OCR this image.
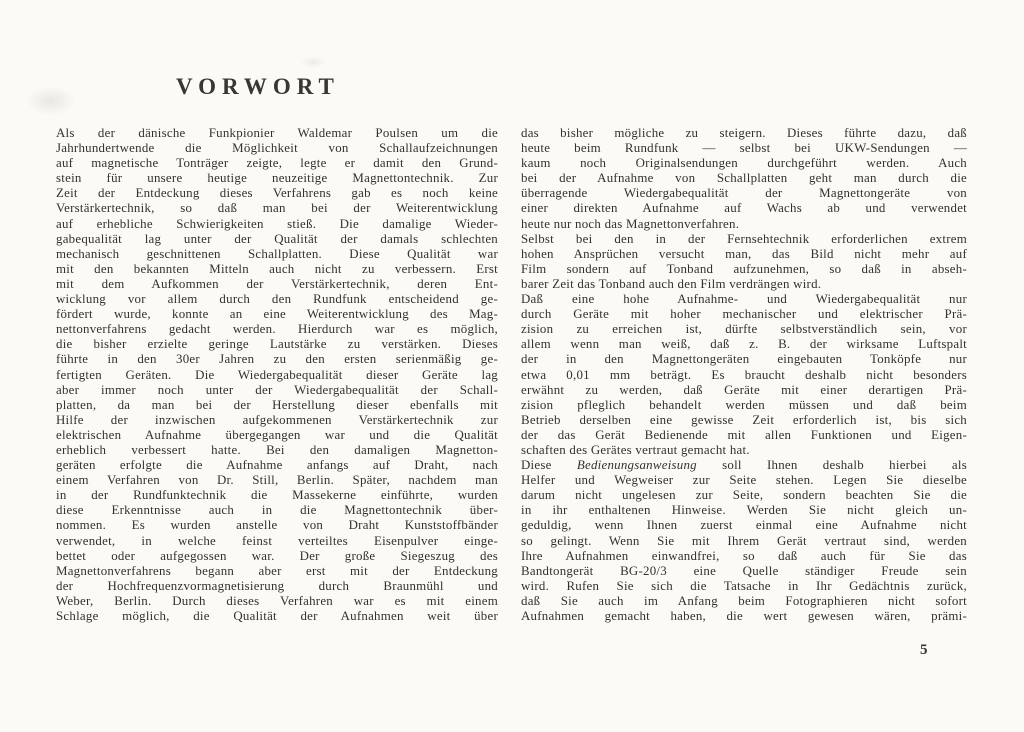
VORWORT
Als der dänische Funkpionier Waldemar Poulsen um die
Jahrhundertwende die Möglichkeit von Schallaufzeichnungen
auf magnetische Tonträger zeigte, legte er damit den Grund-
stein für unsere heutige neuzeitige Magnettontechnik. Zur
Zeit der Entdeckung dieses Verfahrens gab es noch keine
Verstärkertechnik, so daß man bei der Weiterentwicklung
auf erhebliche Schwierigkeiten stieß. Die damalige Wieder-
gabequalität lag unter der Qualität der damals schlechten
mechanisch geschnittenen Schallplatten. Diese Qualität war
mit den bekannten Mitteln auch nicht zu verbessern. Erst
mit dem Aufkommen der Verstärkertechnik, deren Ent-
wicklung vor allem durch den Rundfunk entscheidend ge-
fördert wurde, konnte an eine Weiterentwicklung des Mag-
nettonverfahrens gedacht werden. Hierdurch war es möglich,
die bisher erzielte geringe Lautstärke zu verstärken. Dieses
führte in den 30er Jahren zu den ersten serienmäßig ge-
fertigten Geräten. Die Wiedergabequalität dieser Geräte lag
aber immer noch unter der Wiedergabequalität der Schall-
platten, da man bei der Herstellung dieser ebenfalls mit
Hilfe der inzwischen aufgekommenen Verstärkertechnik zur
elektrischen Aufnahme übergegangen war und die Qualität
erheblich verbessert hatte. Bei den damaligen Magnetton-
geräten erfolgte die Aufnahme anfangs auf Draht, nach
einem Verfahren von Dr. Still, Berlin. Später, nachdem man
in der Rundfunktechnik die Massekerne einführte, wurden
diese Erkenntnisse auch in die Magnettontechnik über-
nommen. Es wurden anstelle von Draht Kunststoffbänder
verwendet, in welche feinst verteiltes Eisenpulver einge-
bettet oder aufgegossen war. Der große Siegeszug des
Magnettonverfahrens begann aber erst mit der Entdeckung
der Hochfrequenzvormagnetisierung durch Braunmühl und
Weber, Berlin. Durch dieses Verfahren war es mit einem
Schlage möglich, die Qualität der Aufnahmen weit über
das bisher mögliche zu steigern. Dieses führte dazu, daß
heute beim Rundfunk — selbst bei UKW-Sendungen —
kaum noch Originalsendungen durchgeführt werden. Auch
bei der Aufnahme von Schallplatten geht man durch die
überragende Wiedergabequalität der Magnettongeräte von
einer direkten Aufnahme auf Wachs ab und verwendet
heute nur noch das Magnettonverfahren.
Selbst bei den in der Fernsehtechnik erforderlichen extrem
hohen Ansprüchen versucht man, das Bild nicht mehr auf
Film sondern auf Tonband aufzunehmen, so daß in abseh-
barer Zeit das Tonband auch den Film verdrängen wird.
Daß eine hohe Aufnahme- und Wiedergabequalität nur
durch Geräte mit hoher mechanischer und elektrischer Prä-
zision zu erreichen ist, dürfte selbstverständlich sein, vor
allem wenn man weiß, daß z. B. der wirksame Luftspalt
der in den Magnettongeräten eingebauten Tonköpfe nur
etwa 0,01 mm beträgt. Es braucht deshalb nicht besonders
erwähnt zu werden, daß Geräte mit einer derartigen Prä-
zision pfleglich behandelt werden müssen und daß beim
Betrieb derselben eine gewisse Zeit erforderlich ist, bis sich
der das Gerät Bedienende mit allen Funktionen und Eigen-
schaften des Gerätes vertraut gemacht hat.
Diese Bedienungsanweisung soll Ihnen deshalb hierbei als
Helfer und Wegweiser zur Seite stehen. Legen Sie dieselbe
darum nicht ungelesen zur Seite, sondern beachten Sie die
in ihr enthaltenen Hinweise. Werden Sie nicht gleich un-
geduldig, wenn Ihnen zuerst einmal eine Aufnahme nicht
so gelingt. Wenn Sie mit Ihrem Gerät vertraut sind, werden
Ihre Aufnahmen einwandfrei, so daß auch für Sie das
Bandtongerät BG-20/3 eine Quelle ständiger Freude sein
wird. Rufen Sie sich die Tatsache in Ihr Gedächtnis zurück,
daß Sie auch im Anfang beim Fotographieren nicht sofort
Aufnahmen gemacht haben, die wert gewesen wären, prämi-
5
